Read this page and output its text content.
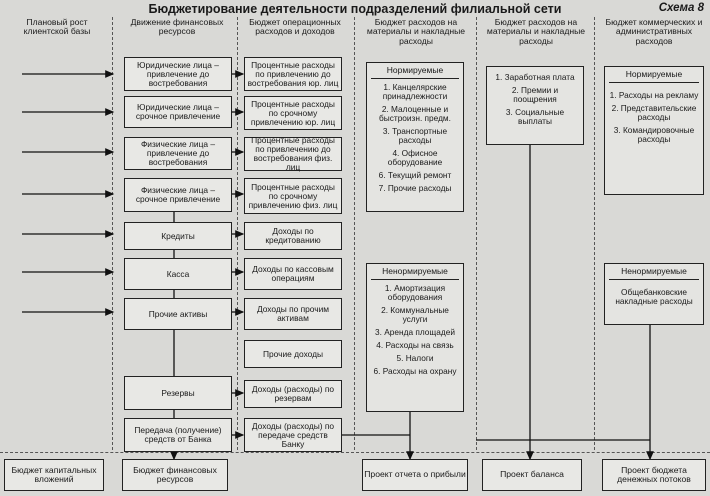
Бюджетирование деятельности подразделений филиальной сети	Схема 8
Плановый рост клиентской базы
Движение финансовых ресурсов
Бюджет операционных расходов и доходов
Бюджет расходов на материалы и накладные расходы
Бюджет расходов на материалы и накладные расходы
Бюджет коммерческих и административных расходов
Юридические лица – привлечение до востребования
Юридические лица – срочное привлечение
Физические лица – привлечение до востребования
Физические лица – срочное привлечение
Кредиты
Касса
Прочие активы
Резервы
Передача (получение) средств от Банка
Процентные расходы по привлечению до востребования юр. лиц
Процентные расходы по срочному привлечению юр. лиц
Процентные расходы по привлечению до востребования физ. лиц
Процентные расходы по срочному привлечению физ. лиц
Доходы по кредитованию
Доходы по кассовым операциям
Доходы по прочим активам
Прочие доходы
Доходы (расходы) по резервам
Доходы (расходы) по передаче средств Банку
Нормируемые
1. Канцелярские принадлежности
2. Малоценные и быстроизн. предм.
3. Транспортные расходы
4. Офисное оборудование
6. Текущий ремонт
7. Прочие расходы
Ненормируемые
1. Амортизация оборудования
2. Коммунальные услуги
3. Аренда площадей
4. Расходы на связь
5. Налоги
6. Расходы на охрану
1. Заработная плата
2. Премии и поощрения
3. Социальные выплаты
Нормируемые
1. Расходы на рекламу
2. Представительские расходы
3. Командировочные расходы
Ненормируемые
Общебанковские накладные расходы
Бюджет капитальных вложений
Бюджет финансовых ресурсов	Проект отчета о прибыли	Проект баланса	Проект бюджета денежных потоков
